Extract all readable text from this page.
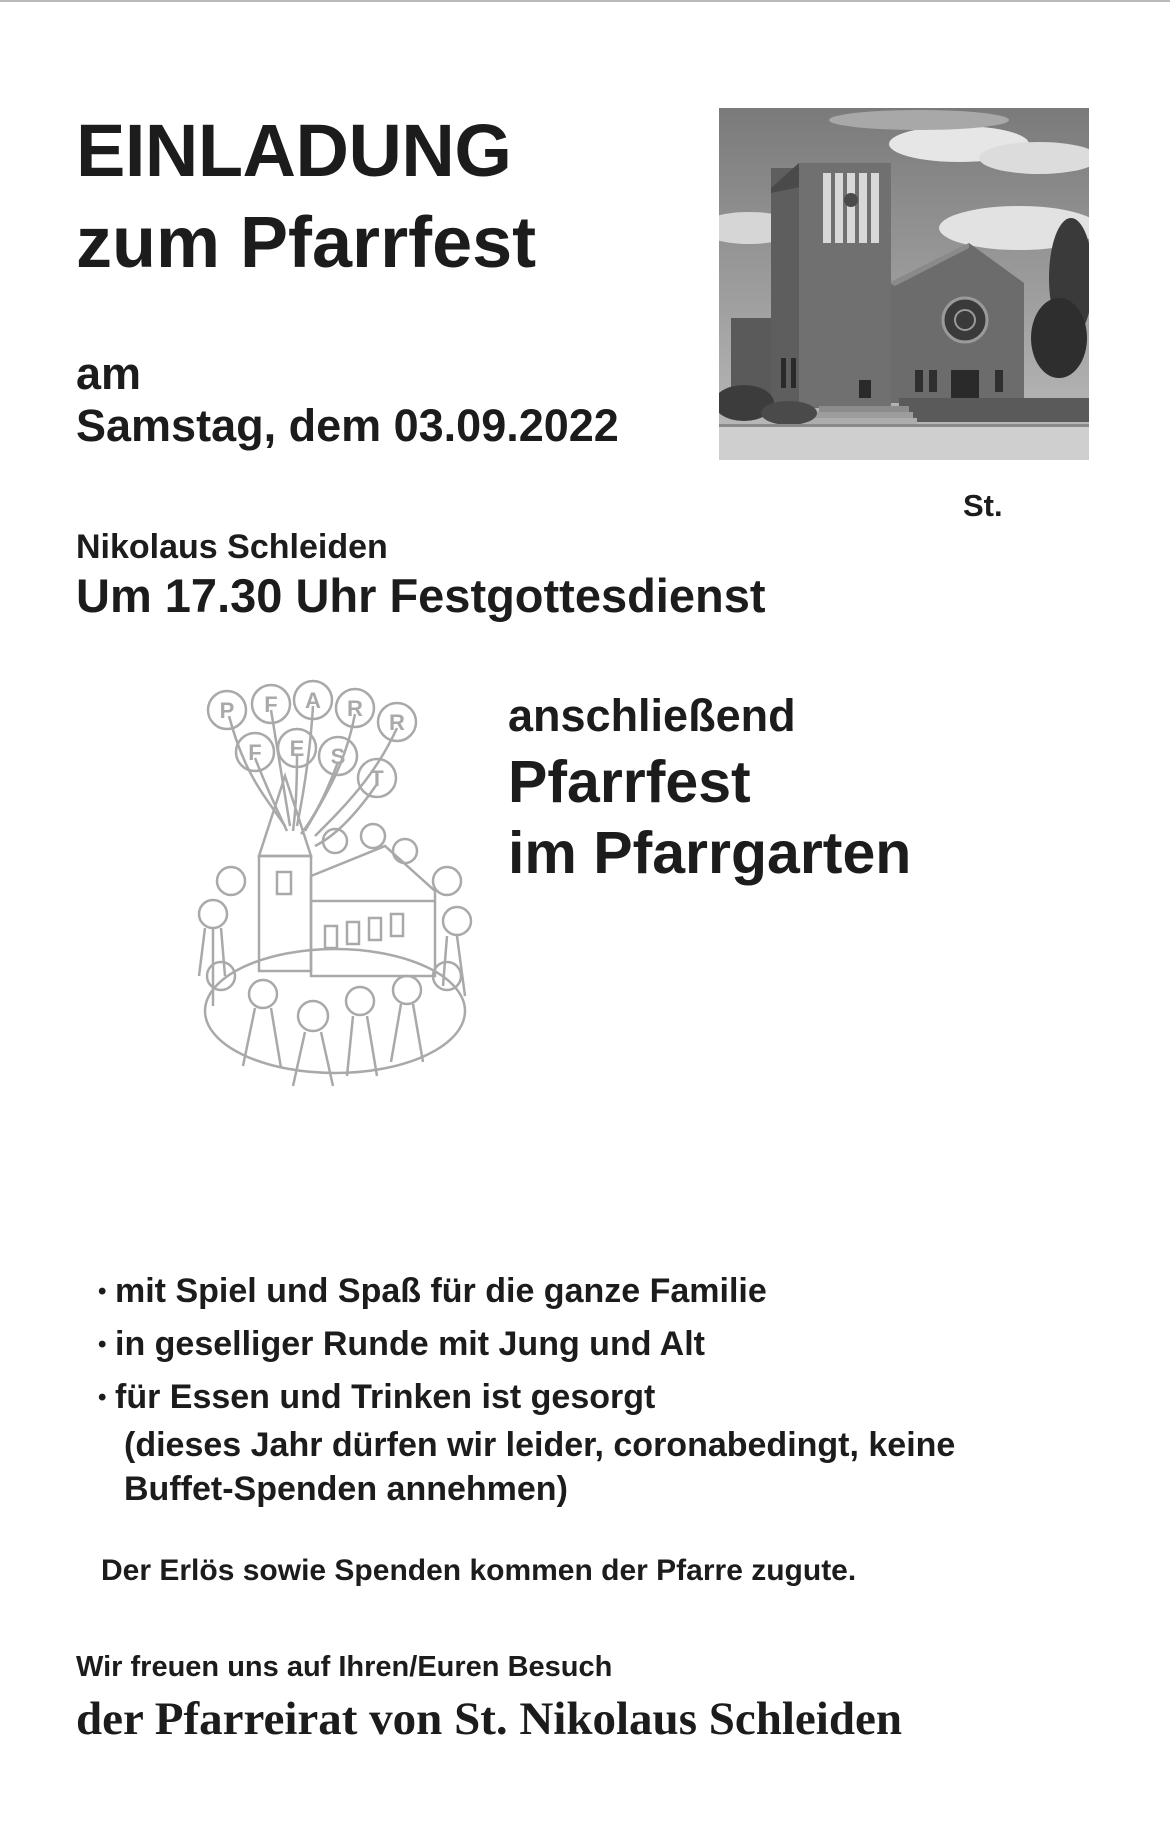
EINLADUNG
zum Pfarrfest
am
Samstag, dem 03.09.2022
St.
Nikolaus Schleiden
Um 17.30 Uhr Festgottesdienst
P F A R
R
F E S
T
anschließend
Pfarrfest
im Pfarrgarten
• mit Spiel und Spaß für die ganze Familie
• in geselliger Runde mit Jung und Alt
• für Essen und Trinken ist gesorgt
(dieses Jahr dürfen wir leider, coronabedingt, keine
Buffet-Spenden annehmen)
Der Erlös sowie Spenden kommen der Pfarre zugute.
Wir freuen uns auf Ihren/Euren Besuch
der Pfarreirat von St. Nikolaus Schleiden
